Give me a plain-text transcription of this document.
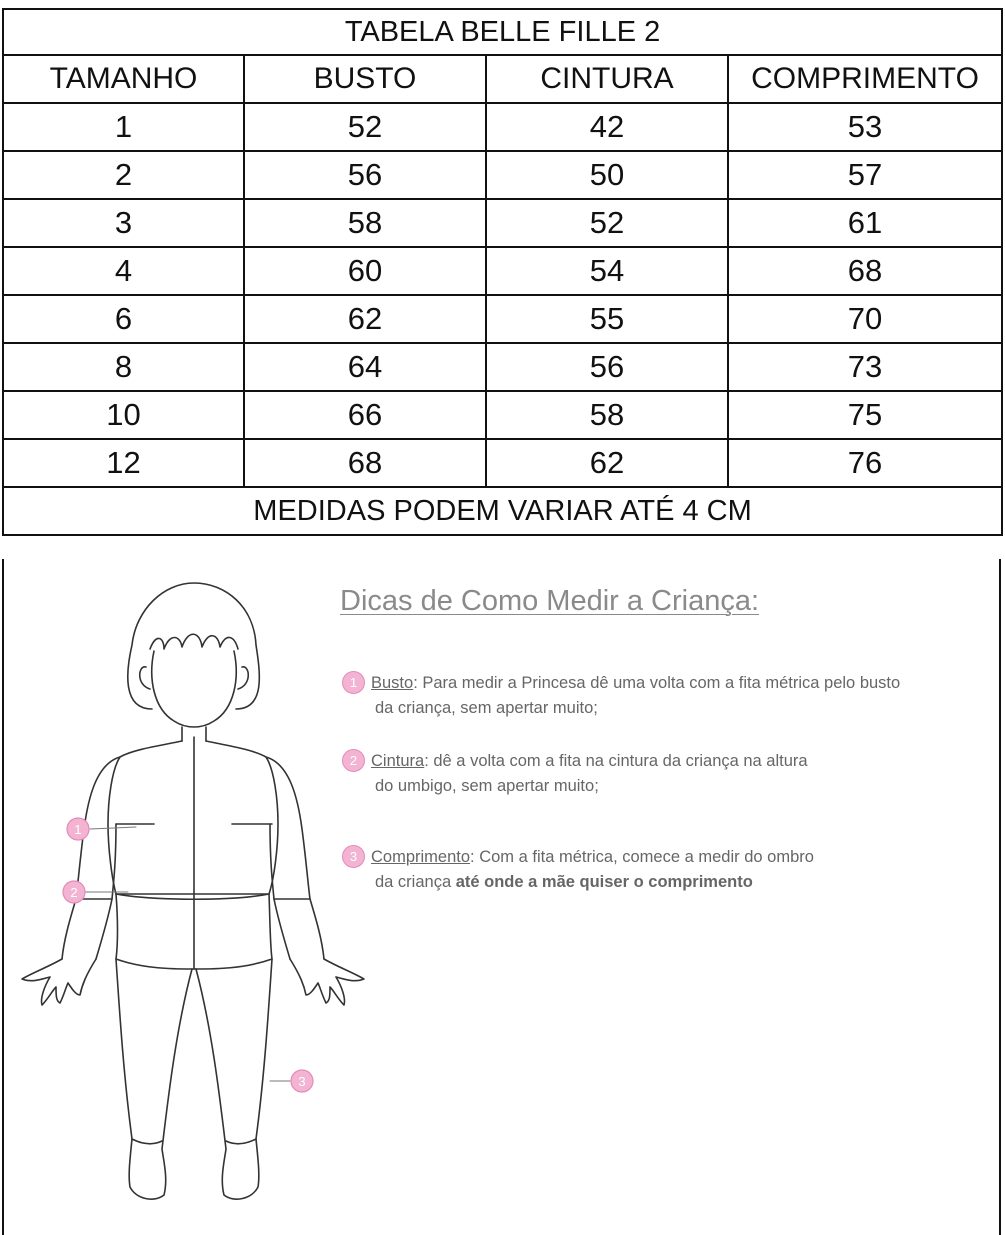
TABELA BELLE FILLE 2			
TAMANHO	BUSTO	CINTURA	COMPRIMENTO
1	52	42	53
2	56	50	57
3	58	52	61
4	60	54	68
6	62	55	70
8	64	56	73
10	66	58	75
12	68	62	76
MEDIDAS PODEM VARIAR ATÉ 4 CM			
1
2
3
Dicas de Como Medir a Criança:
1 Busto: Para medir a Princesa dê uma volta com a fita métrica pelo busto
da criança, sem apertar muito;
2 Cintura: dê a volta com a fita na cintura da criança na altura
do umbigo, sem apertar muito;
3 Comprimento: Com a fita métrica, comece a medir do ombro
da criança até onde a mãe quiser o comprimento
